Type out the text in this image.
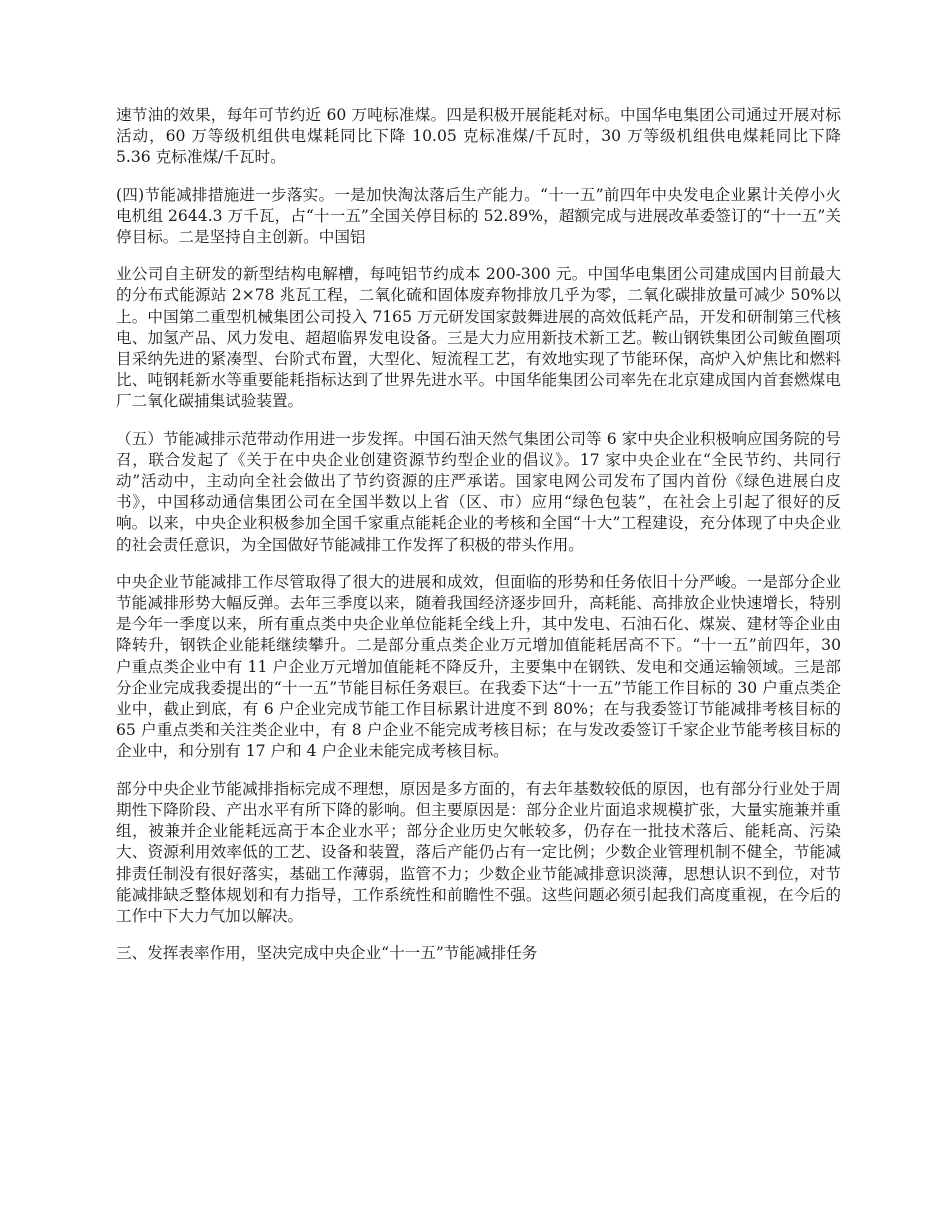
速节油的效果，每年可节约近 60 万吨标准煤。四是积极开展能耗对标。中国华电集团公司通过开展对标活动，60 万等级机组供电煤耗同比下降 10.05 克标准煤/千瓦时，30 万等级机组供电煤耗同比下降 5.36 克标准煤/千瓦时。

(四)节能减排措施进一步落实。一是加快淘汰落后生产能力。“十一五”前四年中央发电企业累计关停小火电机组 2644.3 万千瓦，占“十一五”全国关停目标的 52.89%，超额完成与进展改革委签订的“十一五”关停目标。二是坚持自主创新。中国铝

业公司自主研发的新型结构电解槽，每吨铝节约成本 200-300 元。中国华电集团公司建成国内目前最大的分布式能源站 2×78 兆瓦工程，二氧化硫和固体废弃物排放几乎为零，二氧化碳排放量可减少 50%以上。中国第二重型机械集团公司投入 7165 万元研发国家鼓舞进展的高效低耗产品，开发和研制第三代核电、加氢产品、风力发电、超超临界发电设备。三是大力应用新技术新工艺。鞍山钢铁集团公司鲅鱼圈项目采纳先进的紧凑型、台阶式布置，大型化、短流程工艺，有效地实现了节能环保，高炉入炉焦比和燃料比、吨钢耗新水等重要能耗指标达到了世界先进水平。中国华能集团公司率先在北京建成国内首套燃煤电厂二氧化碳捕集试验装置。

（五）节能减排示范带动作用进一步发挥。中国石油天然气集团公司等 6 家中央企业积极响应国务院的号召，联合发起了《关于在中央企业创建资源节约型企业的倡议》。17 家中央企业在“全民节约、共同行动”活动中，主动向全社会做出了节约资源的庄严承诺。国家电网公司发布了国内首份《绿色进展白皮书》，中国移动通信集团公司在全国半数以上省（区、市）应用“绿色包装”，在社会上引起了很好的反响。以来，中央企业积极参加全国千家重点能耗企业的考核和全国“十大”工程建设，充分体现了中央企业的社会责任意识，为全国做好节能减排工作发挥了积极的带头作用。

中央企业节能减排工作尽管取得了很大的进展和成效，但面临的形势和任务依旧十分严峻。一是部分企业节能减排形势大幅反弹。去年三季度以来，随着我国经济逐步回升，高耗能、高排放企业快速增长，特别是今年一季度以来，所有重点类中央企业单位能耗全线上升，其中发电、石油石化、煤炭、建材等企业由降转升，钢铁企业能耗继续攀升。二是部分重点类企业万元增加值能耗居高不下。“十一五”前四年，30 户重点类企业中有 11 户企业万元增加值能耗不降反升，主要集中在钢铁、发电和交通运输领域。三是部分企业完成我委提出的“十一五”节能目标任务艰巨。在我委下达“十一五”节能工作目标的 30 户重点类企业中，截止到底，有 6 户企业完成节能工作目标累计进度不到 80%；在与我委签订节能减排考核目标的 65 户重点类和关注类企业中，有 8 户企业不能完成考核目标；在与发改委签订千家企业节能考核目标的企业中，和分别有 17 户和 4 户企业未能完成考核目标。

部分中央企业节能减排指标完成不理想，原因是多方面的，有去年基数较低的原因，也有部分行业处于周期性下降阶段、产出水平有所下降的影响。但主要原因是：部分企业片面追求规模扩张，大量实施兼并重组，被兼并企业能耗远高于本企业水平；部分企业历史欠帐较多，仍存在一批技术落后、能耗高、污染大、资源利用效率低的工艺、设备和装置，落后产能仍占有一定比例；少数企业管理机制不健全，节能减排责任制没有很好落实，基础工作薄弱，监管不力；少数企业节能减排意识淡薄，思想认识不到位，对节能减排缺乏整体规划和有力指导，工作系统性和前瞻性不强。这些问题必须引起我们高度重视，在今后的工作中下大力气加以解决。

三、发挥表率作用，坚决完成中央企业“十一五”节能减排任务
